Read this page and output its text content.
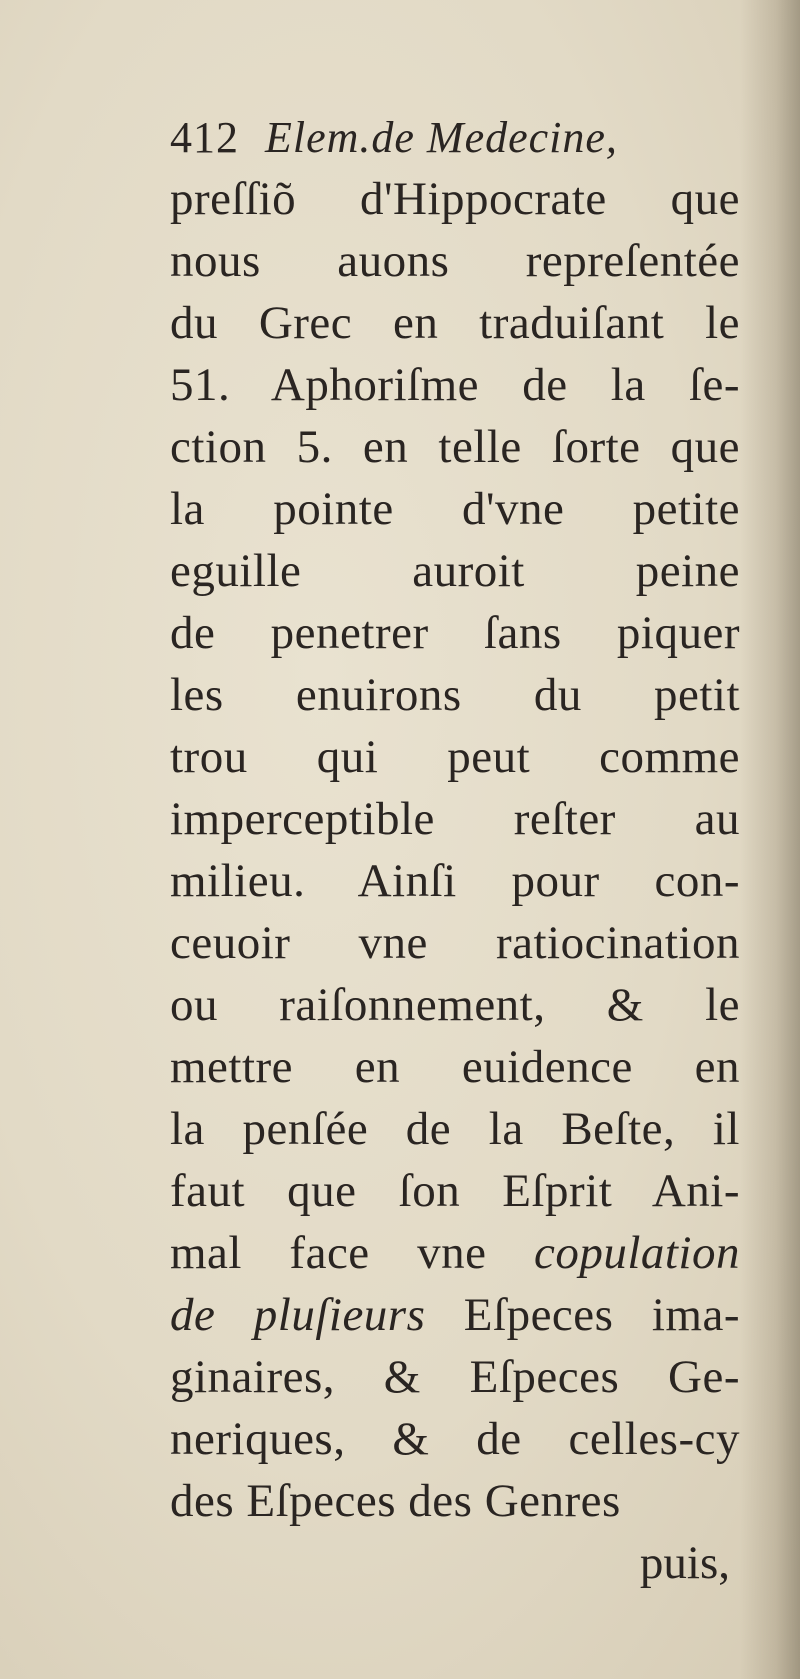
412 Elem.de Medecine,
preſſiõ d'Hippocrate que
nous auons repreſentée
du Grec en traduiſant le
51. Aphoriſme de la ſe-
ction 5. en telle ſorte que
la pointe d'vne petite
eguille auroit peine
de penetrer ſans piquer
les enuirons du petit
trou qui peut comme
imperceptible reſter au
milieu. Ainſi pour con-
ceuoir vne ratiocination
ou raiſonnement, & le
mettre en euidence en
la penſée de la Beſte, il
faut que ſon Eſprit Ani-
mal face vne copulation
de pluſieurs Eſpeces ima-
ginaires, & Eſpeces Ge-
neriques, & de celles-cy
des Eſpeces des Genres
puis,
